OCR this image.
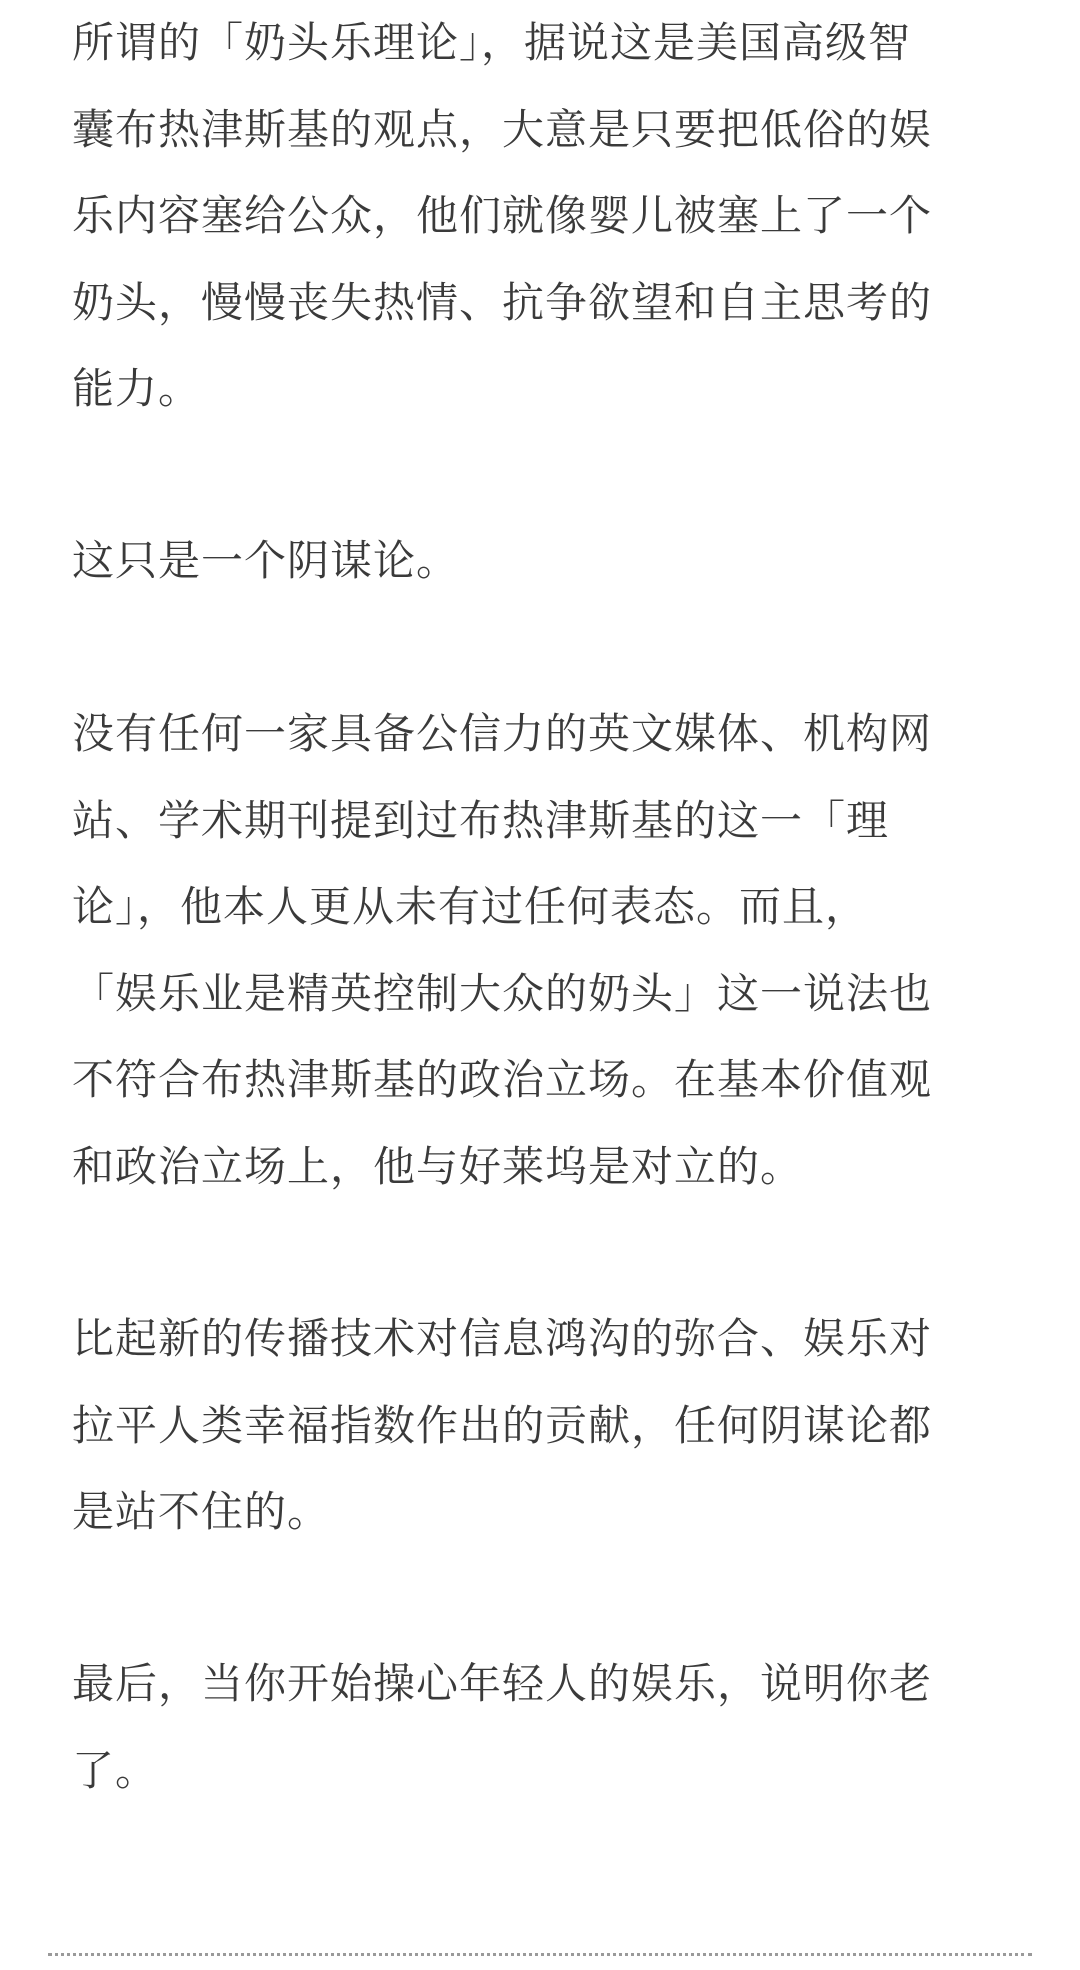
所谓的「奶头乐理论」，据说这是美国高级智
囊布热津斯基的观点，大意是只要把低俗的娱
乐内容塞给公众，他们就像婴儿被塞上了一个
奶头，慢慢丧失热情、抗争欲望和自主思考的
能力。

这只是一个阴谋论。

没有任何一家具备公信力的英文媒体、机构网
站、学术期刊提到过布热津斯基的这一「理
论」，他本人更从未有过任何表态。而且，
「娱乐业是精英控制大众的奶头」这一说法也
不符合布热津斯基的政治立场。在基本价值观
和政治立场上，他与好莱坞是对立的。

比起新的传播技术对信息鸿沟的弥合、娱乐对
拉平人类幸福指数作出的贡献，任何阴谋论都
是站不住的。

最后，当你开始操心年轻人的娱乐，说明你老
了。
